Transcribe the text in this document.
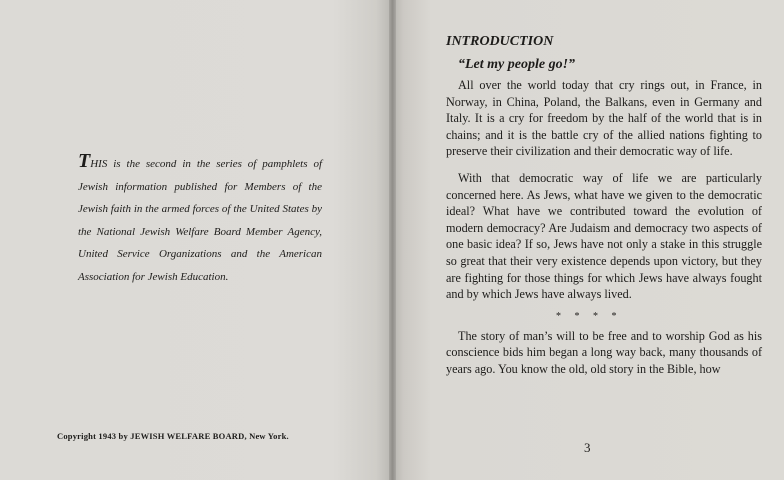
THIS is the second in the series of pamphlets of Jewish information published for Members of the Jewish faith in the armed forces of the United States by the National Jewish Welfare Board Member Agency, United Service Organizations and the American Association for Jewish Education.

Copyright 1943 by JEWISH WELFARE BOARD, New York.
INTRODUCTION
“Let my people go!”

All over the world today that cry rings out, in France, in Norway, in China, Poland, the Balkans, even in Germany and Italy. It is a cry for freedom by the half of the world that is in chains; and it is the battle cry of the allied nations fighting to preserve their civilization and their democratic way of life.

With that democratic way of life we are particularly concerned here. As Jews, what have we given to the democratic ideal? What have we contributed toward the evolution of modern democracy? Are Judaism and democracy two aspects of one basic idea? If so, Jews have not only a stake in this struggle so great that their very existence depends upon victory, but they are fighting for those things for which Jews have always fought and by which Jews have always lived.

* * * *

The story of man’s will to be free and to worship God as his conscience bids him began a long way back, many thousands of years ago. You know the old, old story in the Bible, how

3
